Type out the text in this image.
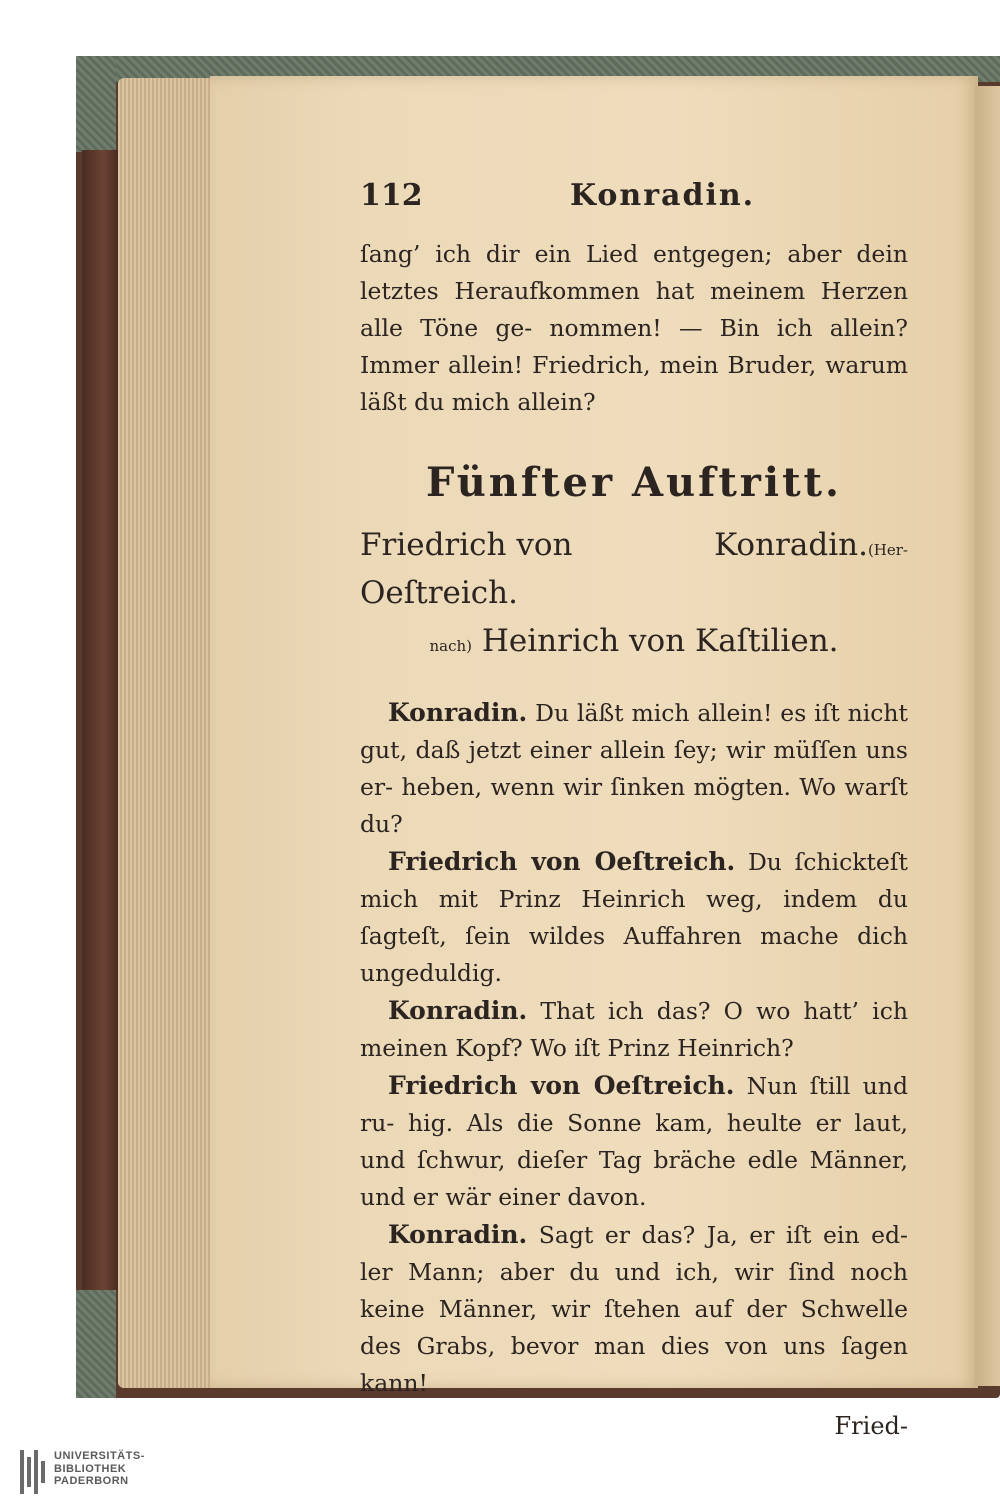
112	Konradin.

ſang’ ich dir ein Lied entgegen; aber dein letztes Heraufkommen hat meinem Herzen alle Töne ge- nommen! — Bin ich allein? Immer allein! Friedrich, mein Bruder, warum läßt du mich allein?

Fünfter Auftritt.
Friedrich von Oeſtreich.
Konradin. (Her-
nach) Heinrich von Kaſtilien.

Konradin. Du läßt mich allein! es iſt nicht gut, daß jetzt einer allein ſey; wir müſſen uns er- heben, wenn wir ſinken mögten. Wo warſt du?

Friedrich von Oeſtreich. Du ſchickteſt mich mit Prinz Heinrich weg, indem du ſagteſt, ſein wildes Auffahren mache dich ungeduldig.

Konradin. That ich das? O wo hatt’ ich meinen Kopf? Wo iſt Prinz Heinrich?

Friedrich von Oeſtreich. Nun ſtill und ru- hig. Als die Sonne kam, heulte er laut, und ſchwur, dieſer Tag bräche edle Männer, und er wär einer davon.

Konradin. Sagt er das? Ja, er iſt ein ed- ler Mann; aber du und ich, wir ſind noch keine Männer, wir ſtehen auf der Schwelle des Grabs, bevor man dies von uns ſagen kann!

Fried-
UNIVERSITÄTS-
BIBLIOTHEK
PADERBORN
